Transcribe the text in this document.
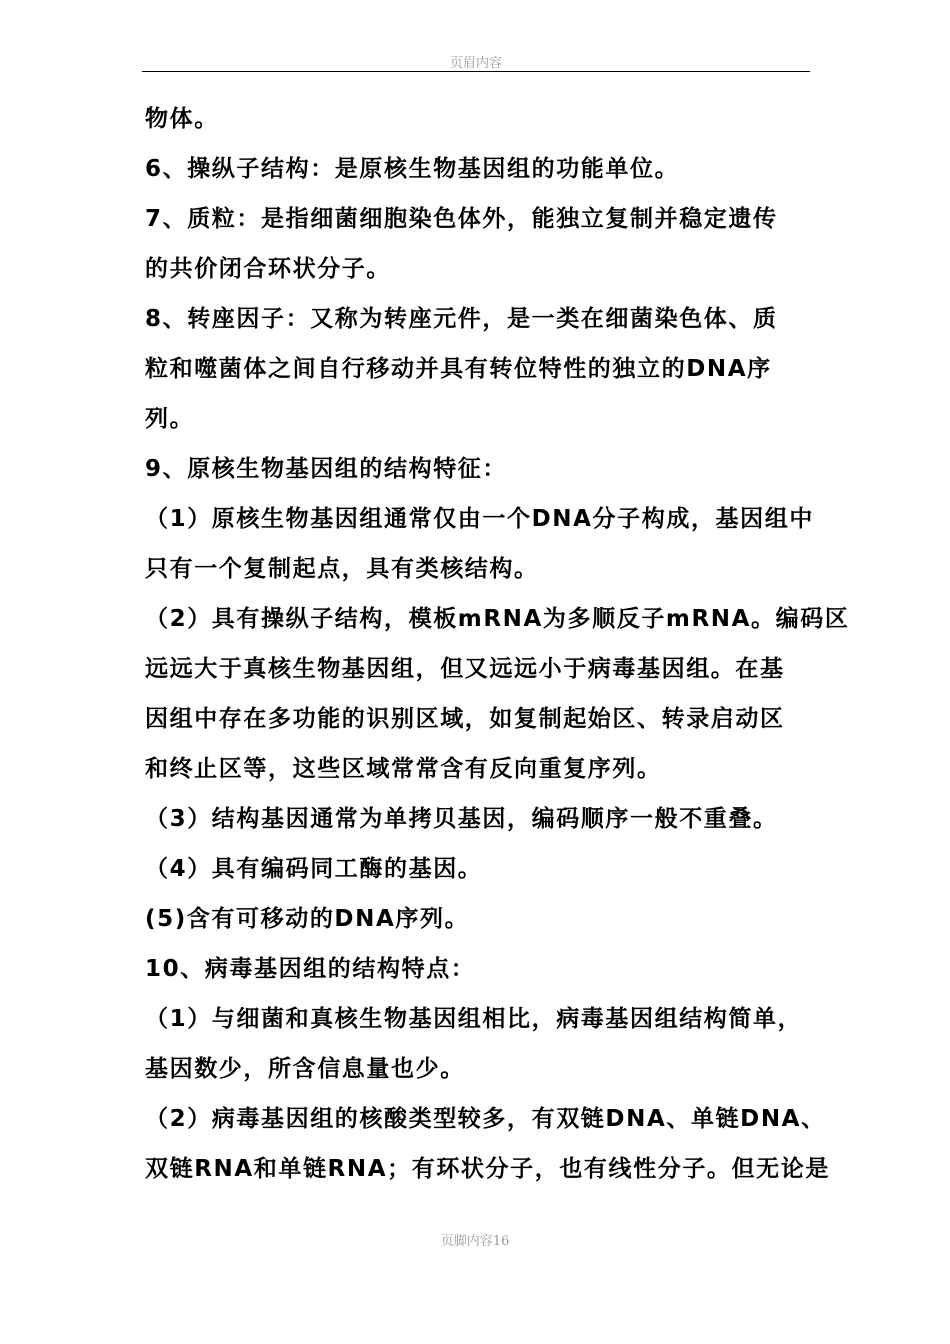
页眉内容
物体。
6、操纵子结构：是原核生物基因组的功能单位。
7、质粒：是指细菌细胞染色体外，能独立复制并稳定遗传
的共价闭合环状分子。
8、转座因子：又称为转座元件，是一类在细菌染色体、质
粒和噬菌体之间自行移动并具有转位特性的独立的DNA序
列。
9、原核生物基因组的结构特征：
（1）原核生物基因组通常仅由一个DNA分子构成，基因组中
只有一个复制起点，具有类核结构。
（2）具有操纵子结构，模板mRNA为多顺反子mRNA。编码区
远远大于真核生物基因组，但又远远小于病毒基因组。在基
因组中存在多功能的识别区域，如复制起始区、转录启动区
和终止区等，这些区域常常含有反向重复序列。
（3）结构基因通常为单拷贝基因，编码顺序一般不重叠。
（4）具有编码同工酶的基因。
(5)含有可移动的DNA序列。
10、病毒基因组的结构特点：
（1）与细菌和真核生物基因组相比，病毒基因组结构简单，
基因数少，所含信息量也少。
（2）病毒基因组的核酸类型较多，有双链DNA、单链DNA、
双链RNA和单链RNA；有环状分子，也有线性分子。但无论是
页脚内容16
